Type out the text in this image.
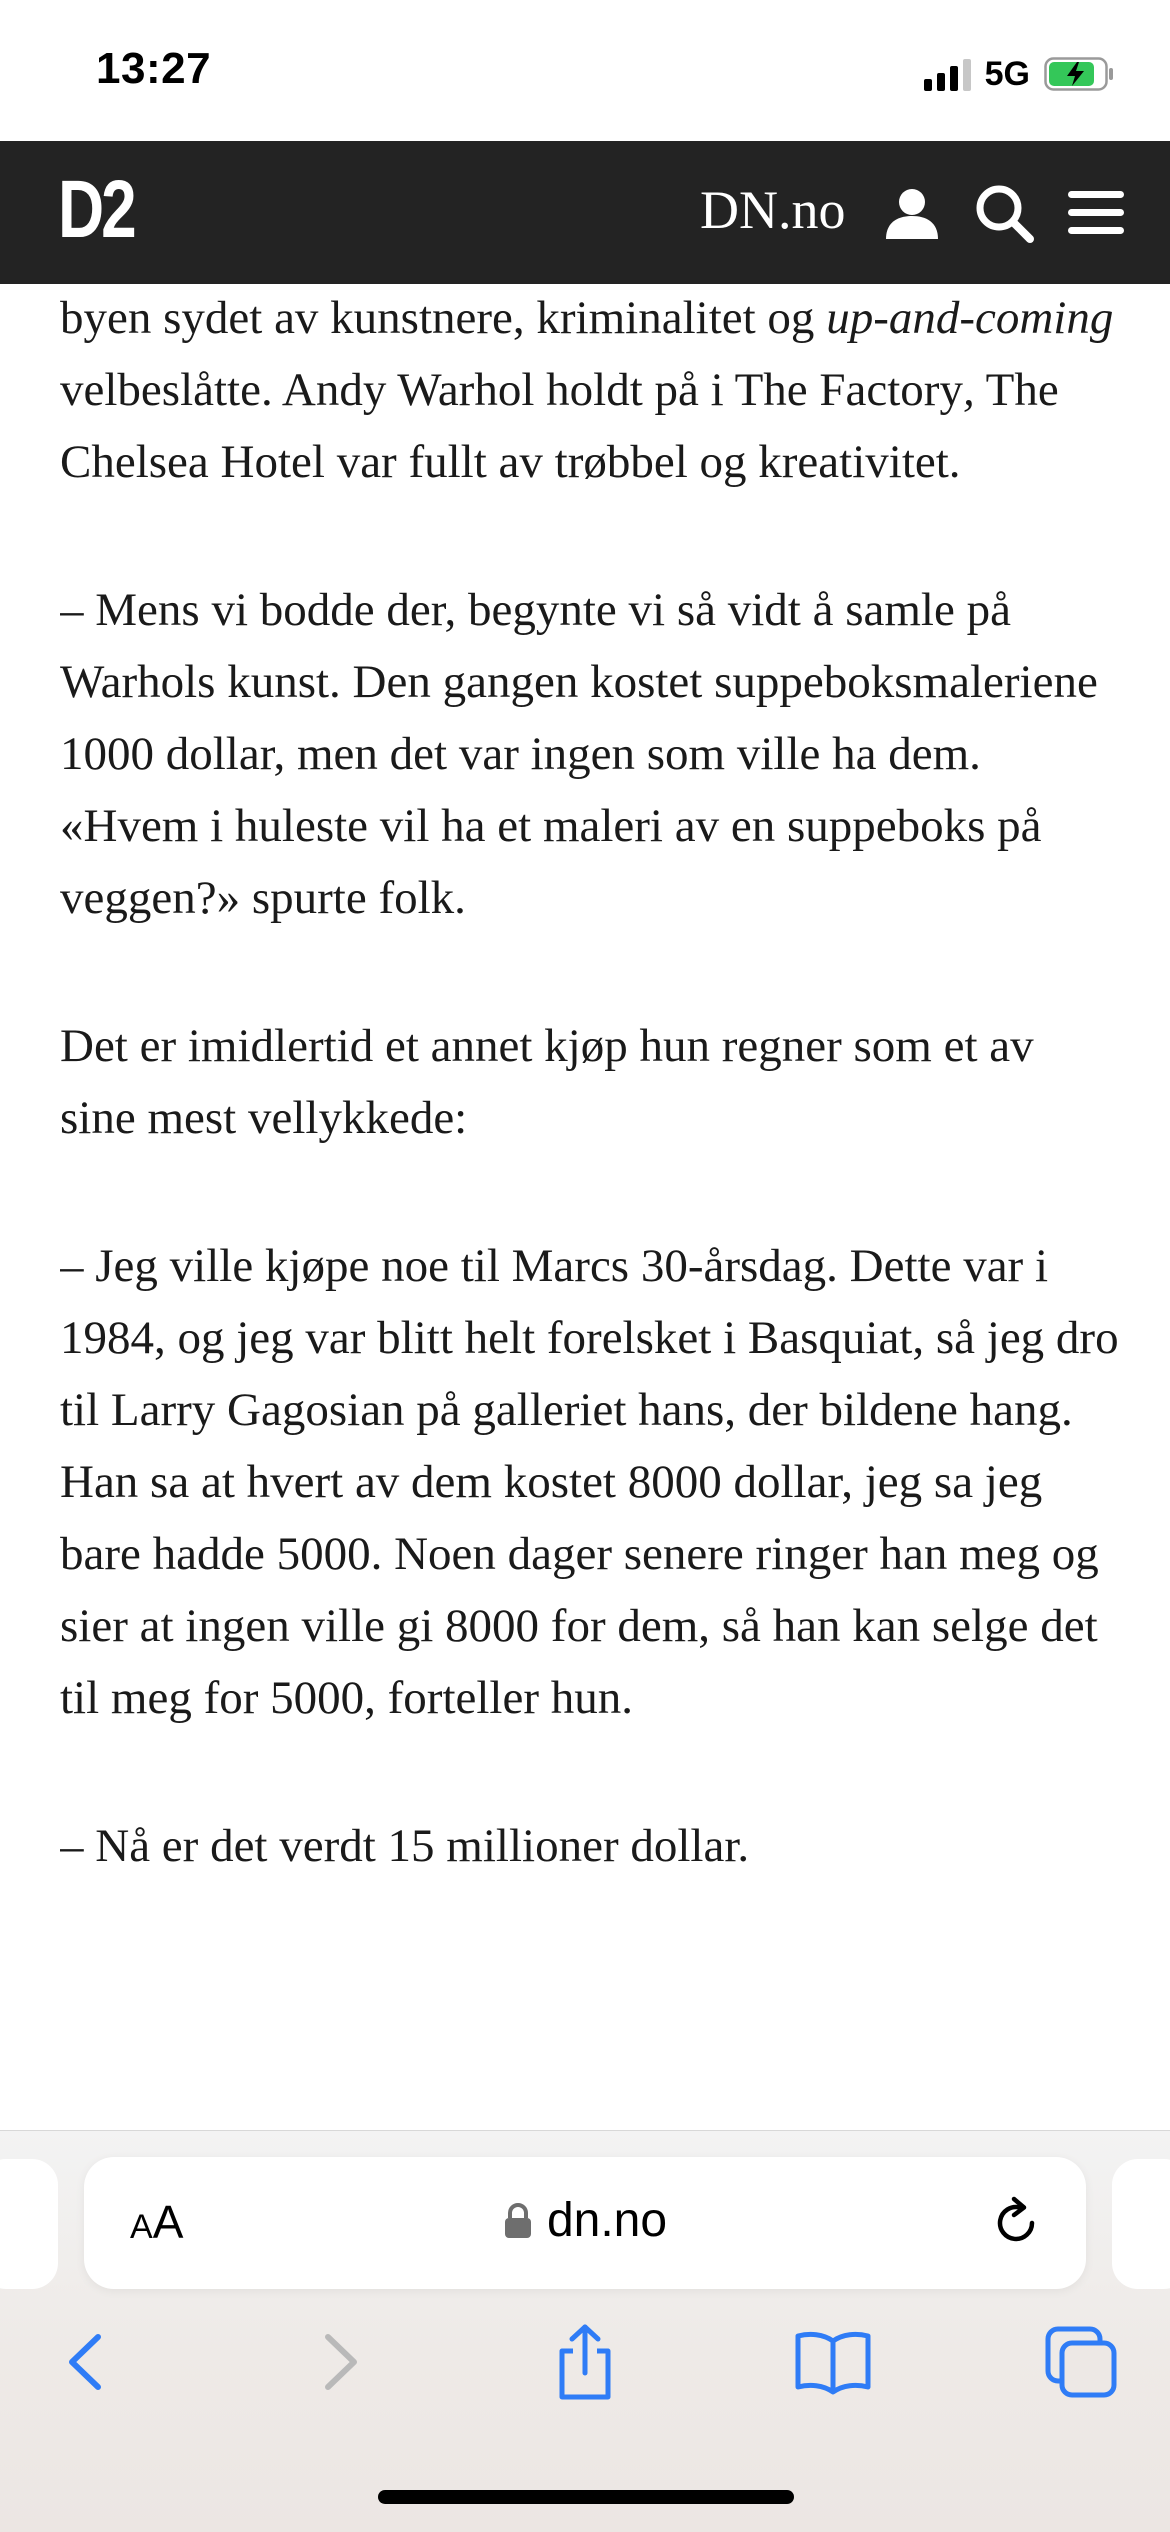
13:27	5G
D2	DN.no

byen sydet av kunstnere, kriminalitet og up-and-coming velbeslåtte. Andy Warhol holdt på i The Factory, The Chelsea Hotel var fullt av trøbbel og kreativitet.

– Mens vi bodde der, begynte vi så vidt å samle på Warhols kunst. Den gangen kostet suppeboksmaleriene 1000 dollar, men det var ingen som ville ha dem. «Hvem i huleste vil ha et maleri av en suppeboks på veggen?» spurte folk.

Det er imidlertid et annet kjøp hun regner som et av sine mest vellykkede:

– Jeg ville kjøpe noe til Marcs 30-årsdag. Dette var i 1984, og jeg var blitt helt forelsket i Basquiat, så jeg dro til Larry Gagosian på galleriet hans, der bildene hang. Han sa at hvert av dem kostet 8000 dollar, jeg sa jeg bare hadde 5000. Noen dager senere ringer han meg og sier at ingen ville gi 8000 for dem, så han kan selge det til meg for 5000, forteller hun.

– Nå er det verdt 15 millioner dollar.

AA	dn.no
